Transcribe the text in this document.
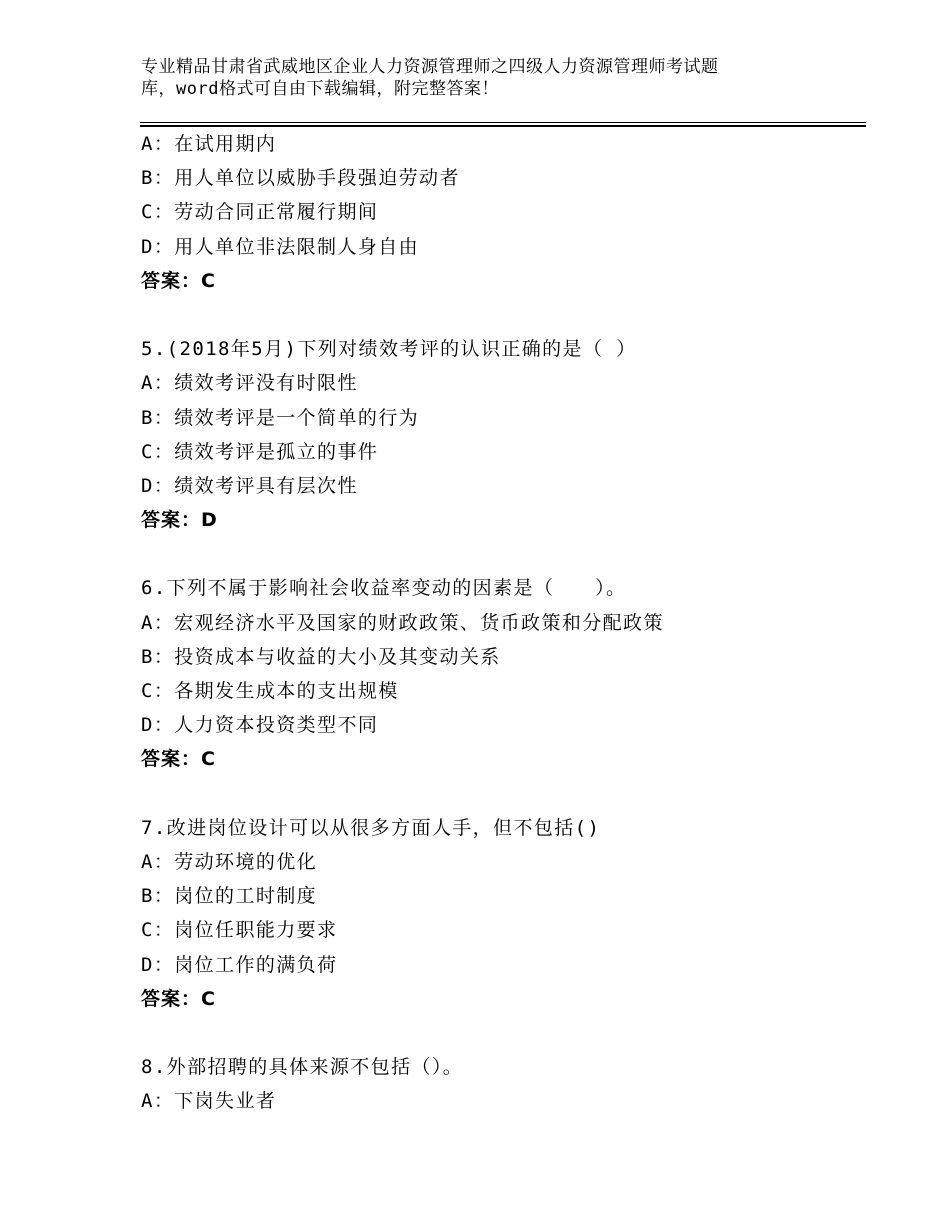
专业精品甘肃省武威地区企业人力资源管理师之四级人力资源管理师考试题
库，word格式可自由下载编辑，附完整答案！
A：在试用期内
B：用人单位以威胁手段强迫劳动者
C：劳动合同正常履行期间
D：用人单位非法限制人身自由
答案：C
5.(2018年5月)下列对绩效考评的认识正确的是（ ）
A：绩效考评没有时限性
B：绩效考评是一个简单的行为
C：绩效考评是孤立的事件
D：绩效考评具有层次性
答案：D
6.下列不属于影响社会收益率变动的因素是（　　）。
A：宏观经济水平及国家的财政政策、货币政策和分配政策
B：投资成本与收益的大小及其变动关系
C：各期发生成本的支出规模
D：人力资本投资类型不同
答案：C
7.改进岗位设计可以从很多方面人手，但不包括()
A：劳动环境的优化
B：岗位的工时制度
C：岗位任职能力要求
D：岗位工作的满负荷
答案：C
8.外部招聘的具体来源不包括（）。
A：下岗失业者
